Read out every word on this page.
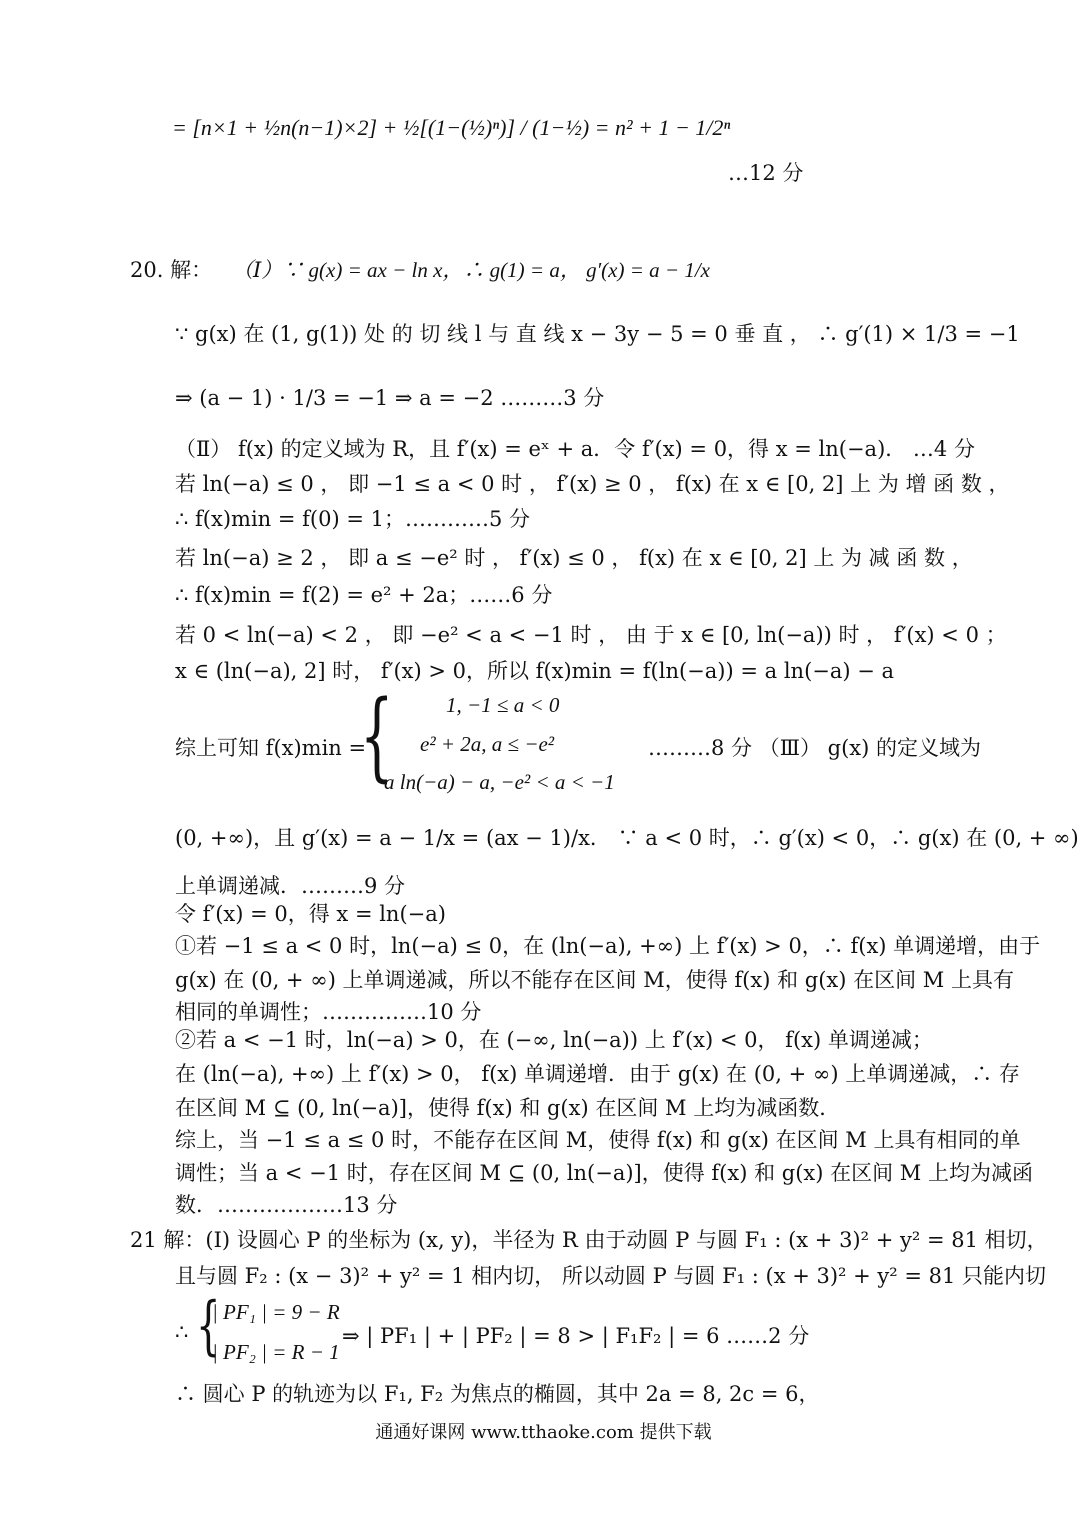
= [n×1 + ½n(n−1)×2] + ½[(1−(½)ⁿ)] / (1−½) = n² + 1 − 1/2ⁿ
…12 分
20. 解： （Ⅰ）∵ g(x) = ax − ln x，∴ g(1) = a， g′(x) = a − 1/x
∵ g(x) 在 (1, g(1)) 处 的 切 线 l 与 直 线 x − 3y − 5 = 0 垂 直 ， ∴ g′(1) × 1/3 = −1
⇒ (a − 1) · 1/3 = −1 ⇒ a = −2 ………3 分
（Ⅱ） f(x) 的定义域为 R，且 f′(x) = eˣ + a．令 f′(x) = 0，得 x = ln(−a)． …4 分
若 ln(−a) ≤ 0 ， 即 −1 ≤ a < 0 时 ， f′(x) ≥ 0 ， f(x) 在 x ∈ [0, 2] 上 为 增 函 数 ，
∴ f(x)min = f(0) = 1；…………5 分
若 ln(−a) ≥ 2 ， 即 a ≤ −e² 时 ， f′(x) ≤ 0 ， f(x) 在 x ∈ [0, 2] 上 为 减 函 数 ，
∴ f(x)min = f(2) = e² + 2a；……6 分
若 0 < ln(−a) < 2 ， 即 −e² < a < −1 时 ， 由 于 x ∈ [0, ln(−a)) 时 ， f′(x) < 0 ；
x ∈ (ln(−a), 2] 时， f′(x) > 0，所以 f(x)min = f(ln(−a)) = a ln(−a) − a
综上可知 f(x)min =
{ 1, −1 ≤ a < 0
e² + 2a, a ≤ −e²
a ln(−a) − a, −e² < a < −1
………8 分 （Ⅲ） g(x) 的定义域为
(0, +∞)，且 g′(x) = a − 1/x = (ax − 1)/x． ∵ a < 0 时，∴ g′(x) < 0，∴ g(x) 在 (0, + ∞)
上单调递减．………9 分
令 f′(x) = 0，得 x = ln(−a)
①若 −1 ≤ a < 0 时，ln(−a) ≤ 0，在 (ln(−a), +∞) 上 f′(x) > 0，∴ f(x) 单调递增，由于
g(x) 在 (0, + ∞) 上单调递减，所以不能存在区间 M，使得 f(x) 和 g(x) 在区间 M 上具有
相同的单调性；……………10 分
②若 a < −1 时，ln(−a) > 0，在 (−∞, ln(−a)) 上 f′(x) < 0， f(x) 单调递减；
在 (ln(−a), +∞) 上 f′(x) > 0， f(x) 单调递增．由于 g(x) 在 (0, + ∞) 上单调递减，∴ 存
在区间 M ⊆ (0, ln(−a)]，使得 f(x) 和 g(x) 在区间 M 上均为减函数．
综上，当 −1 ≤ a ≤ 0 时，不能存在区间 M，使得 f(x) 和 g(x) 在区间 M 上具有相同的单
调性；当 a < −1 时，存在区间 M ⊆ (0, ln(−a)]，使得 f(x) 和 g(x) 在区间 M 上均为减函
数．………………13 分
21 解：(Ⅰ) 设圆心 P 的坐标为 (x, y)，半径为 R 由于动圆 P 与圆 F₁ : (x + 3)² + y² = 81 相切，
且与圆 F₂ : (x − 3)² + y² = 1 相内切， 所以动圆 P 与圆 F₁ : (x + 3)² + y² = 81 只能内切
∴ {
| PF₁ | = 9 − R
| PF₂ | = R − 1
⇒ | PF₁ | + | PF₂ | = 8 > | F₁F₂ | = 6 ……2 分
∴ 圆心 P 的轨迹为以 F₁, F₂ 为焦点的椭圆，其中 2a = 8, 2c = 6，
通通好课网 www.tthaoke.com 提供下载
